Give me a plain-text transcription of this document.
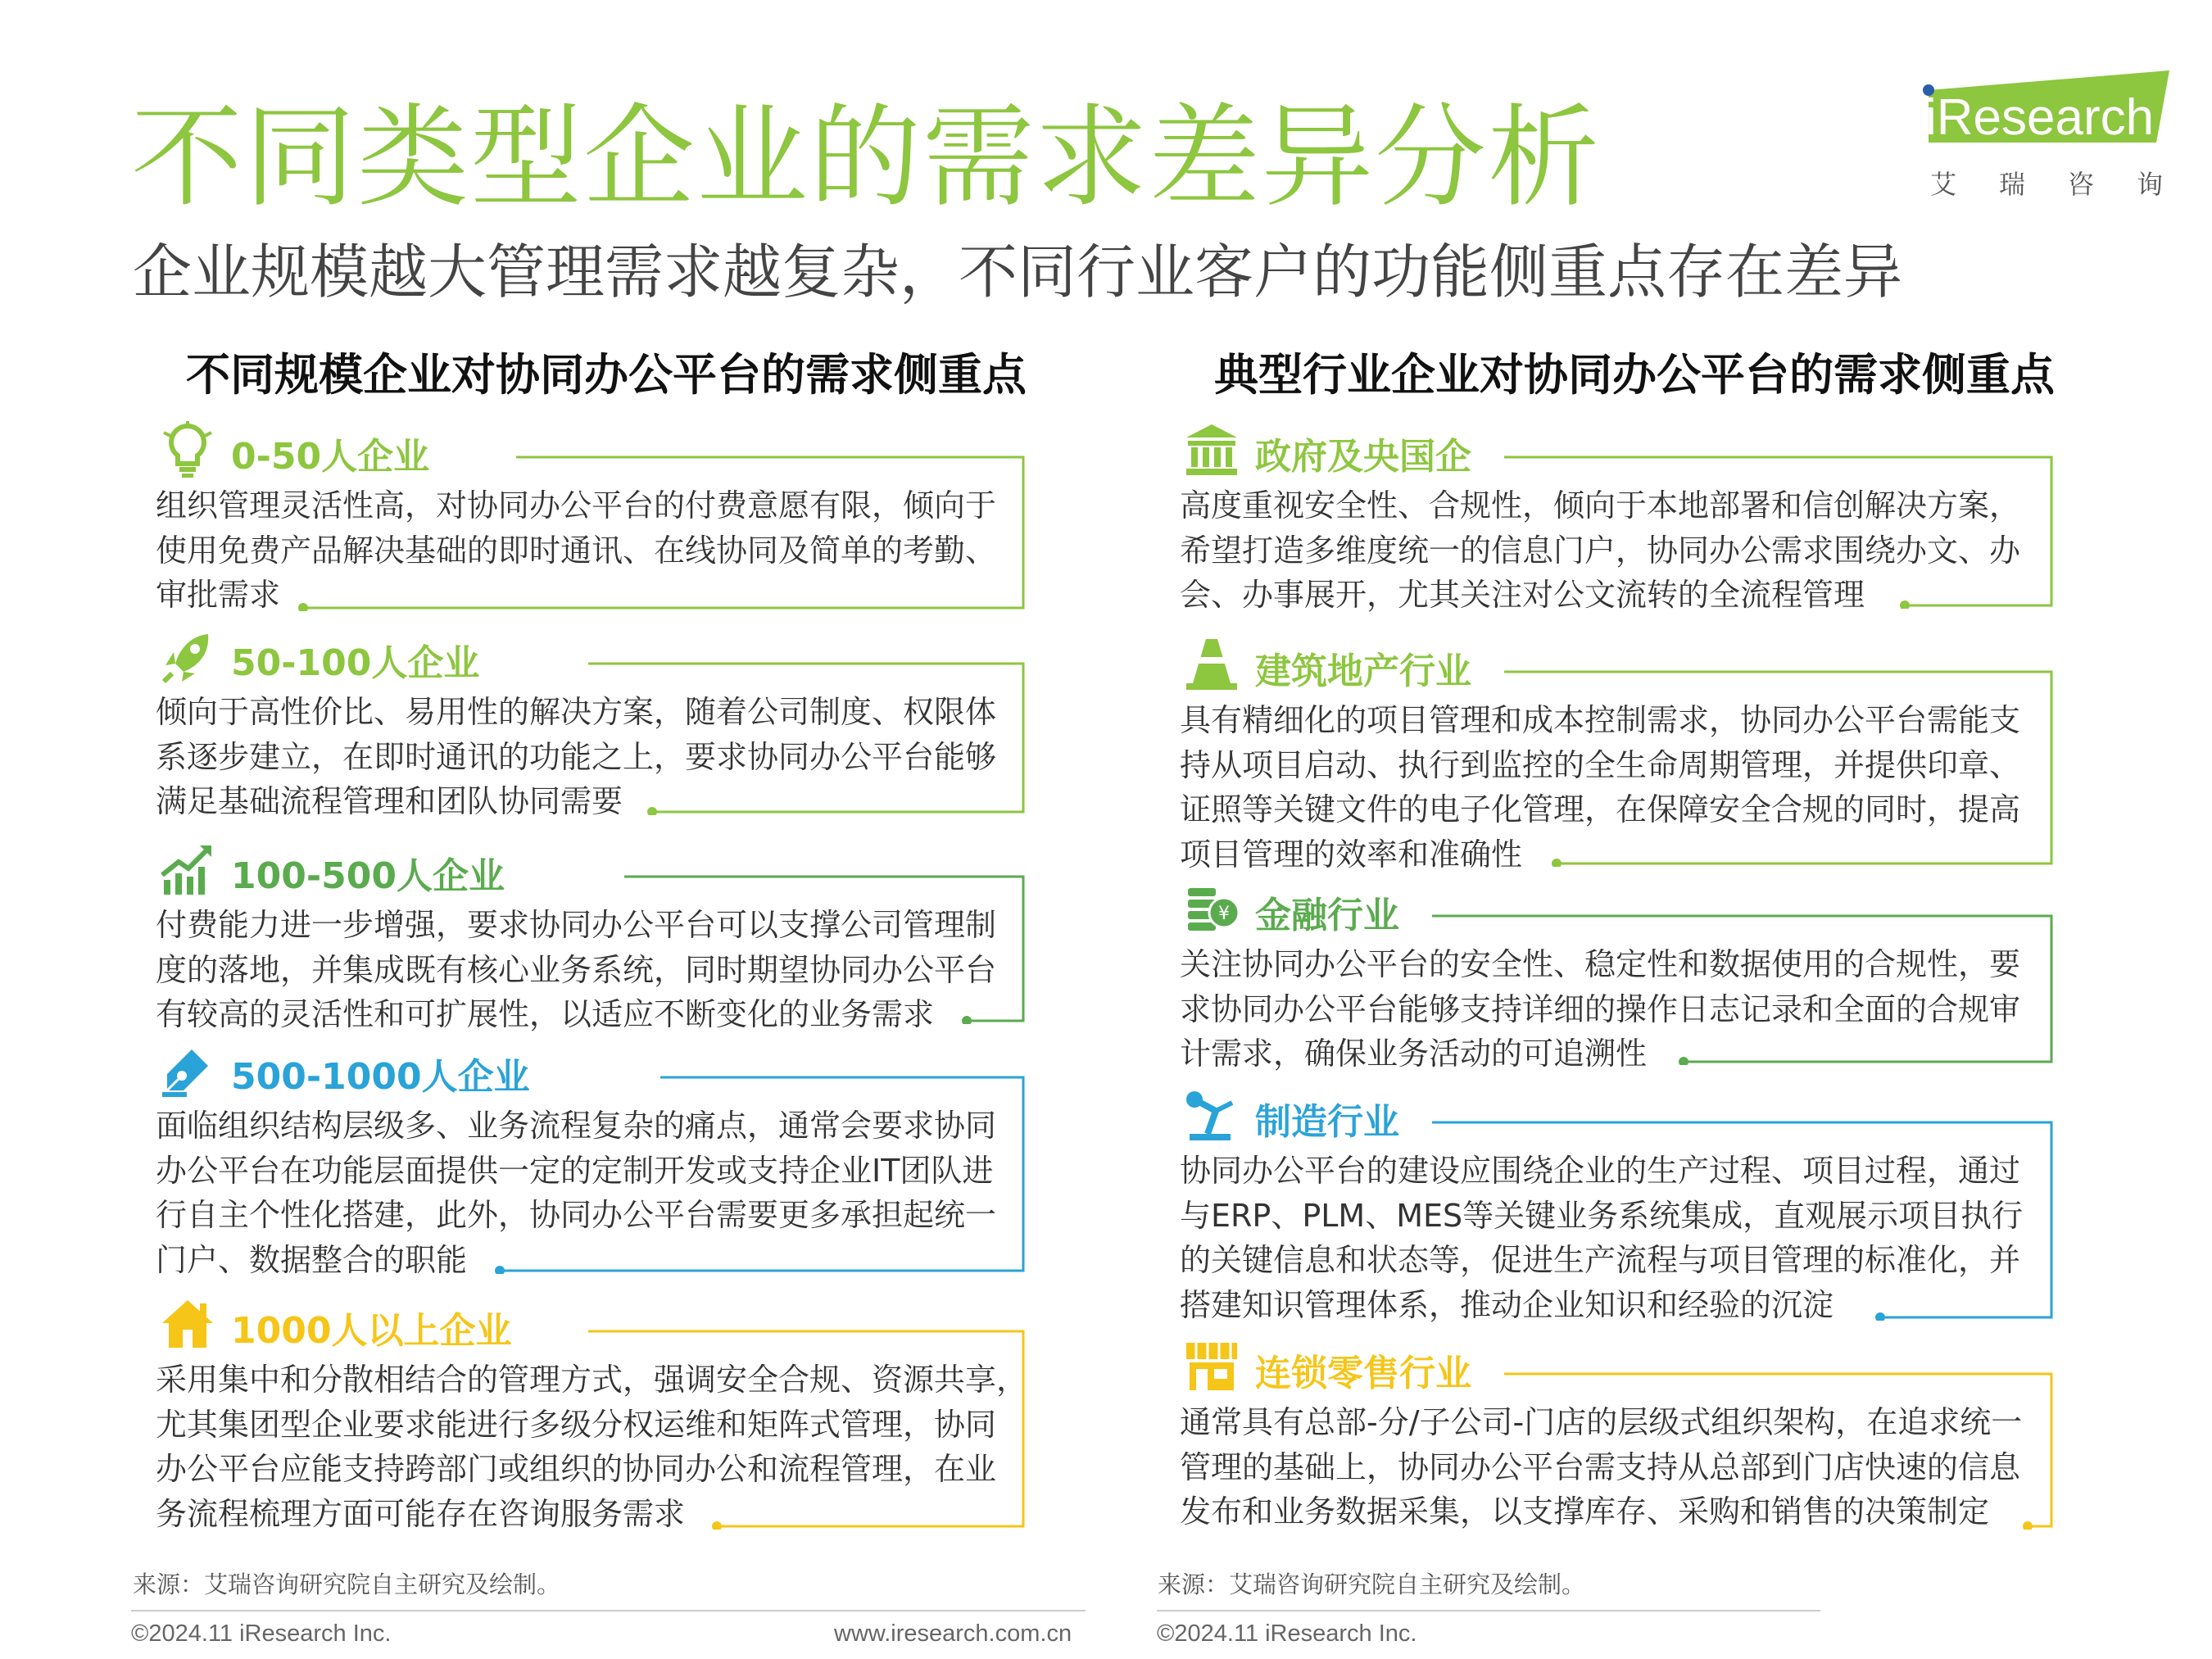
不同类型企业的需求差异分析
企业规模越大管理需求越复杂，不同行业客户的功能侧重点存在差异
iResearch
艾瑞咨询
不同规模企业对协同办公平台的需求侧重点	典型行业企业对协同办公平台的需求侧重点
0-50人企业
组织管理灵活性高，对协同办公平台的付费意愿有限，倾向于
使用免费产品解决基础的即时通讯、在线协同及简单的考勤、
审批需求
50-100人企业
倾向于高性价比、易用性的解决方案，随着公司制度、权限体
系逐步建立，在即时通讯的功能之上，要求协同办公平台能够
满足基础流程管理和团队协同需要
100-500人企业
付费能力进一步增强，要求协同办公平台可以支撑公司管理制
度的落地，并集成既有核心业务系统，同时期望协同办公平台
有较高的灵活性和可扩展性，以适应不断变化的业务需求
500-1000人企业
面临组织结构层级多、业务流程复杂的痛点，通常会要求协同
办公平台在功能层面提供一定的定制开发或支持企业IT团队进
行自主个性化搭建，此外，协同办公平台需要更多承担起统一
门户、数据整合的职能
1000人以上企业
采用集中和分散相结合的管理方式，强调安全合规、资源共享，
尤其集团型企业要求能进行多级分权运维和矩阵式管理，协同
办公平台应能支持跨部门或组织的协同办公和流程管理，在业
务流程梳理方面可能存在咨询服务需求
政府及央国企
高度重视安全性、合规性，倾向于本地部署和信创解决方案，
希望打造多维度统一的信息门户，协同办公需求围绕办文、办
会、办事展开，尤其关注对公文流转的全流程管理
建筑地产行业
具有精细化的项目管理和成本控制需求，协同办公平台需能支
持从项目启动、执行到监控的全生命周期管理，并提供印章、
证照等关键文件的电子化管理，在保障安全合规的同时，提高
项目管理的效率和准确性
¥ 金融行业
关注协同办公平台的安全性、稳定性和数据使用的合规性，要
求协同办公平台能够支持详细的操作日志记录和全面的合规审
计需求，确保业务活动的可追溯性
制造行业
协同办公平台的建设应围绕企业的生产过程、项目过程，通过
与ERP、PLM、MES等关键业务系统集成，直观展示项目执行
的关键信息和状态等，促进生产流程与项目管理的标准化，并
搭建知识管理体系，推动企业知识和经验的沉淀
连锁零售行业
通常具有总部-分/子公司-门店的层级式组织架构，在追求统一
管理的基础上，协同办公平台需支持从总部到门店快速的信息
发布和业务数据采集，以支撑库存、采购和销售的决策制定
来源：艾瑞咨询研究院自主研究及绘制。	来源：艾瑞咨询研究院自主研究及绘制。
©2024.11 iResearch Inc.	www.iresearch.com.cn	©2024.11 iResearch Inc.
